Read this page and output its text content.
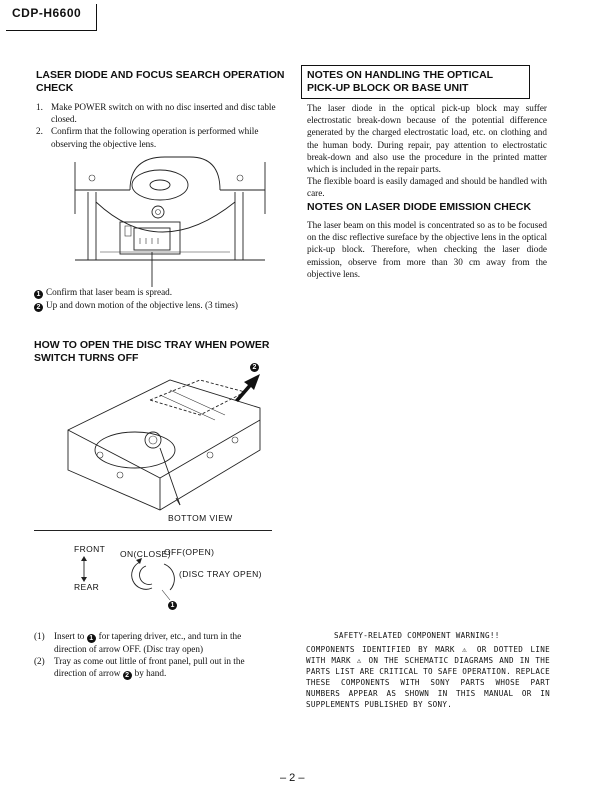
CDP-H6600
LASER DIODE AND FOCUS SEARCH OPERATION CHECK
1. Make POWER switch on with no disc inserted and disc table closed.
2. Confirm that the following operation is performed while observing the objective lens.
1 Confirm that laser beam is spread.
2 Up and down motion of the objective lens. (3 times)
NOTES ON HANDLING THE OPTICAL PICK-UP BLOCK OR BASE UNIT
The laser diode in the optical pick-up block may suffer electrostatic break-down because of the potential difference generated by the charged electrostatic load, etc. on clothing and the human body. During repair, pay attention to electrostatic break-down and also use the procedure in the printed matter which is included in the repair parts.
The flexible board is easily damaged and should be handled with care.
NOTES ON LASER DIODE EMISSION CHECK
The laser beam on this model is concentrated so as to be focused on the disc reflective sureface by the objective lens in the optical pick-up block. Therefore, when checking the laser diode emission, observe from more than 30 cm away from the objective lens.
HOW TO OPEN THE DISC TRAY WHEN POWER SWITCH TURNS OFF
2
BOTTOM VIEW
FRONT
REAR
ON(CLOSE)
OFF(OPEN)
(DISC TRAY OPEN)
1
(1) Insert to 1 for tapering driver, etc., and turn in the direction of arrow OFF. (Disc tray open)
(2) Tray as come out little of front panel, pull out in the direction of arrow 2 by hand.
SAFETY-RELATED COMPONENT WARNING!!
COMPONENTS IDENTIFIED BY MARK ⚠ OR DOTTED LINE WITH MARK ⚠ ON THE SCHEMATIC DIAGRAMS AND IN THE PARTS LIST ARE CRITICAL TO SAFE OPERATION. REPLACE THESE COMPONENTS WITH SONY PARTS WHOSE PART NUMBERS APPEAR AS SHOWN IN THIS MANUAL OR IN SUPPLEMENTS PUBLISHED BY SONY.
– 2 –
